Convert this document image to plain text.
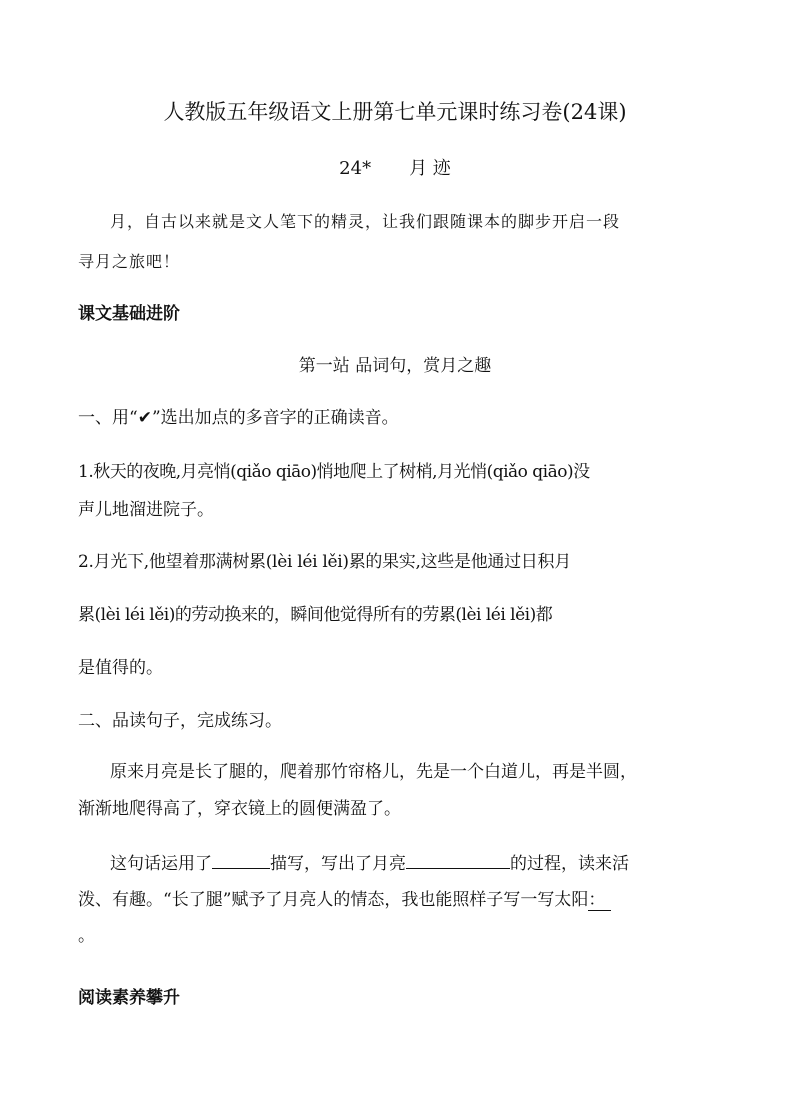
人教版五年级语文上册第七单元课时练习卷(24课)
24* 月 迹
月，自古以来就是文人笔下的精灵，让我们跟随课本的脚步开启一段
寻月之旅吧！
课文基础进阶
第一站 品词句，赏月之趣
一、用“✔”选出加点的多音字的正确读音。
1.秋天的夜晚,月亮悄(qiǎo qiāo)悄地爬上了树梢,月光悄(qiǎo qiāo)没
声儿地溜进院子。
2.月光下,他望着那满树累(lèi léi lěi)累的果实,这些是他通过日积月
累(lèi léi lěi)的劳动换来的，瞬间他觉得所有的劳累(lèi léi lěi)都
是值得的。
二、品读句子，完成练习。
原来月亮是长了腿的，爬着那竹帘格儿，先是一个白道儿，再是半圆，
渐渐地爬得高了，穿衣镜上的圆便满盈了。
这句话运用了	描写，写出了月亮	的过程，读来活
泼、有趣。“长了腿”赋予了月亮人的情态，我也能照样子写一写太阳：
。
阅读素养攀升
